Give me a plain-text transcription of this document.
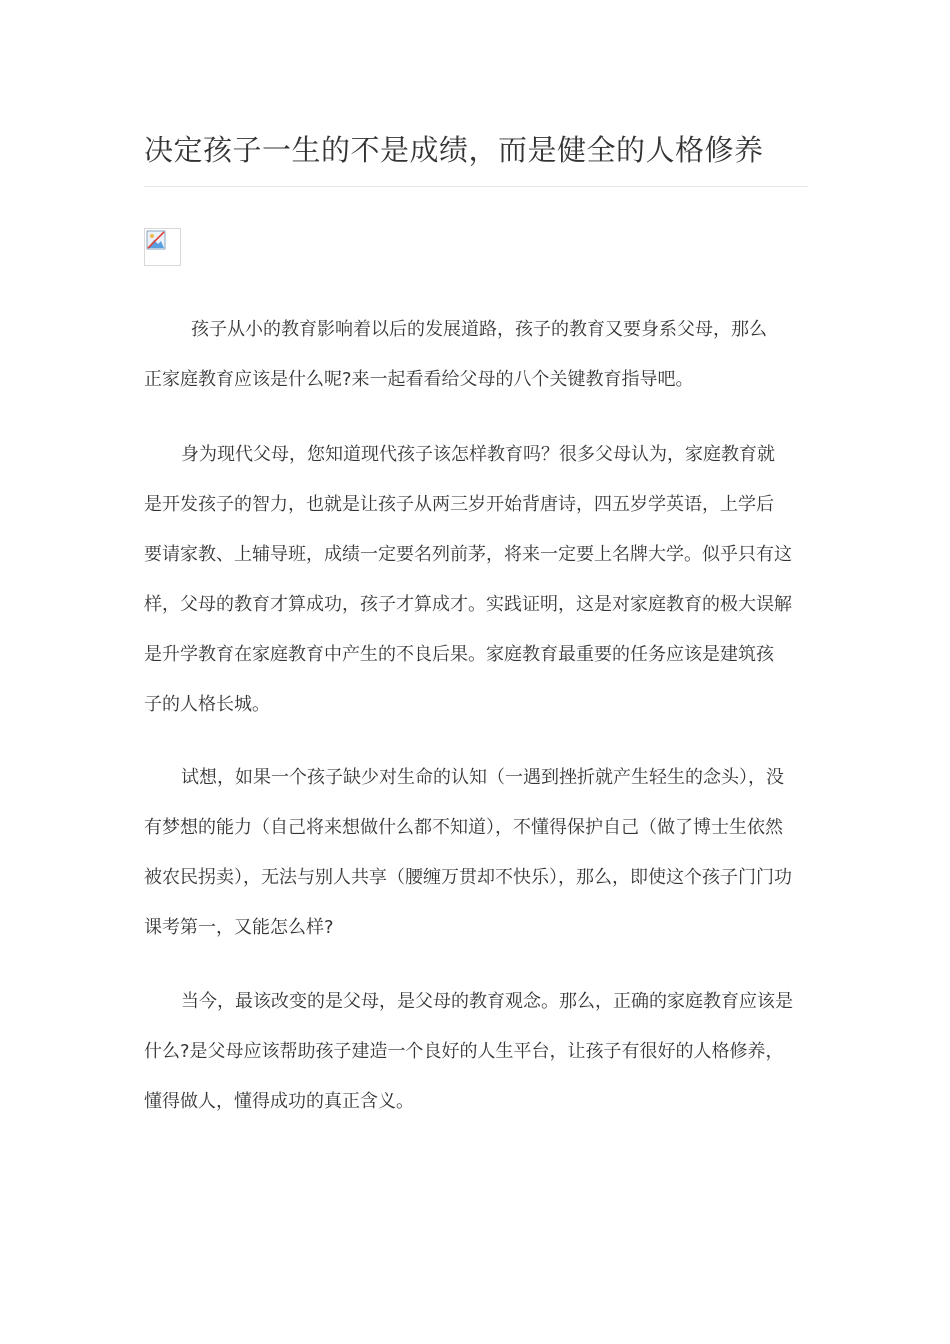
决定孩子一生的不是成绩，而是健全的人格修养
孩子从小的教育影响着以后的发展道路，孩子的教育又要身系父母，那么
正家庭教育应该是什么呢?来一起看看给父母的八个关键教育指导吧。
身为现代父母，您知道现代孩子该怎样教育吗？很多父母认为，家庭教育就
是开发孩子的智力，也就是让孩子从两三岁开始背唐诗，四五岁学英语，上学后
要请家教、上辅导班，成绩一定要名列前茅，将来一定要上名牌大学。似乎只有这
样，父母的教育才算成功，孩子才算成才。实践证明，这是对家庭教育的极大误解
是升学教育在家庭教育中产生的不良后果。家庭教育最重要的任务应该是建筑孩
子的人格长城。
试想，如果一个孩子缺少对生命的认知（一遇到挫折就产生轻生的念头），没
有梦想的能力（自己将来想做什么都不知道），不懂得保护自己（做了博士生依然
被农民拐卖），无法与别人共享（腰缠万贯却不快乐），那么，即使这个孩子门门功
课考第一，又能怎么样?
当今，最该改变的是父母，是父母的教育观念。那么，正确的家庭教育应该是
什么?是父母应该帮助孩子建造一个良好的人生平台，让孩子有很好的人格修养，
懂得做人，懂得成功的真正含义。
